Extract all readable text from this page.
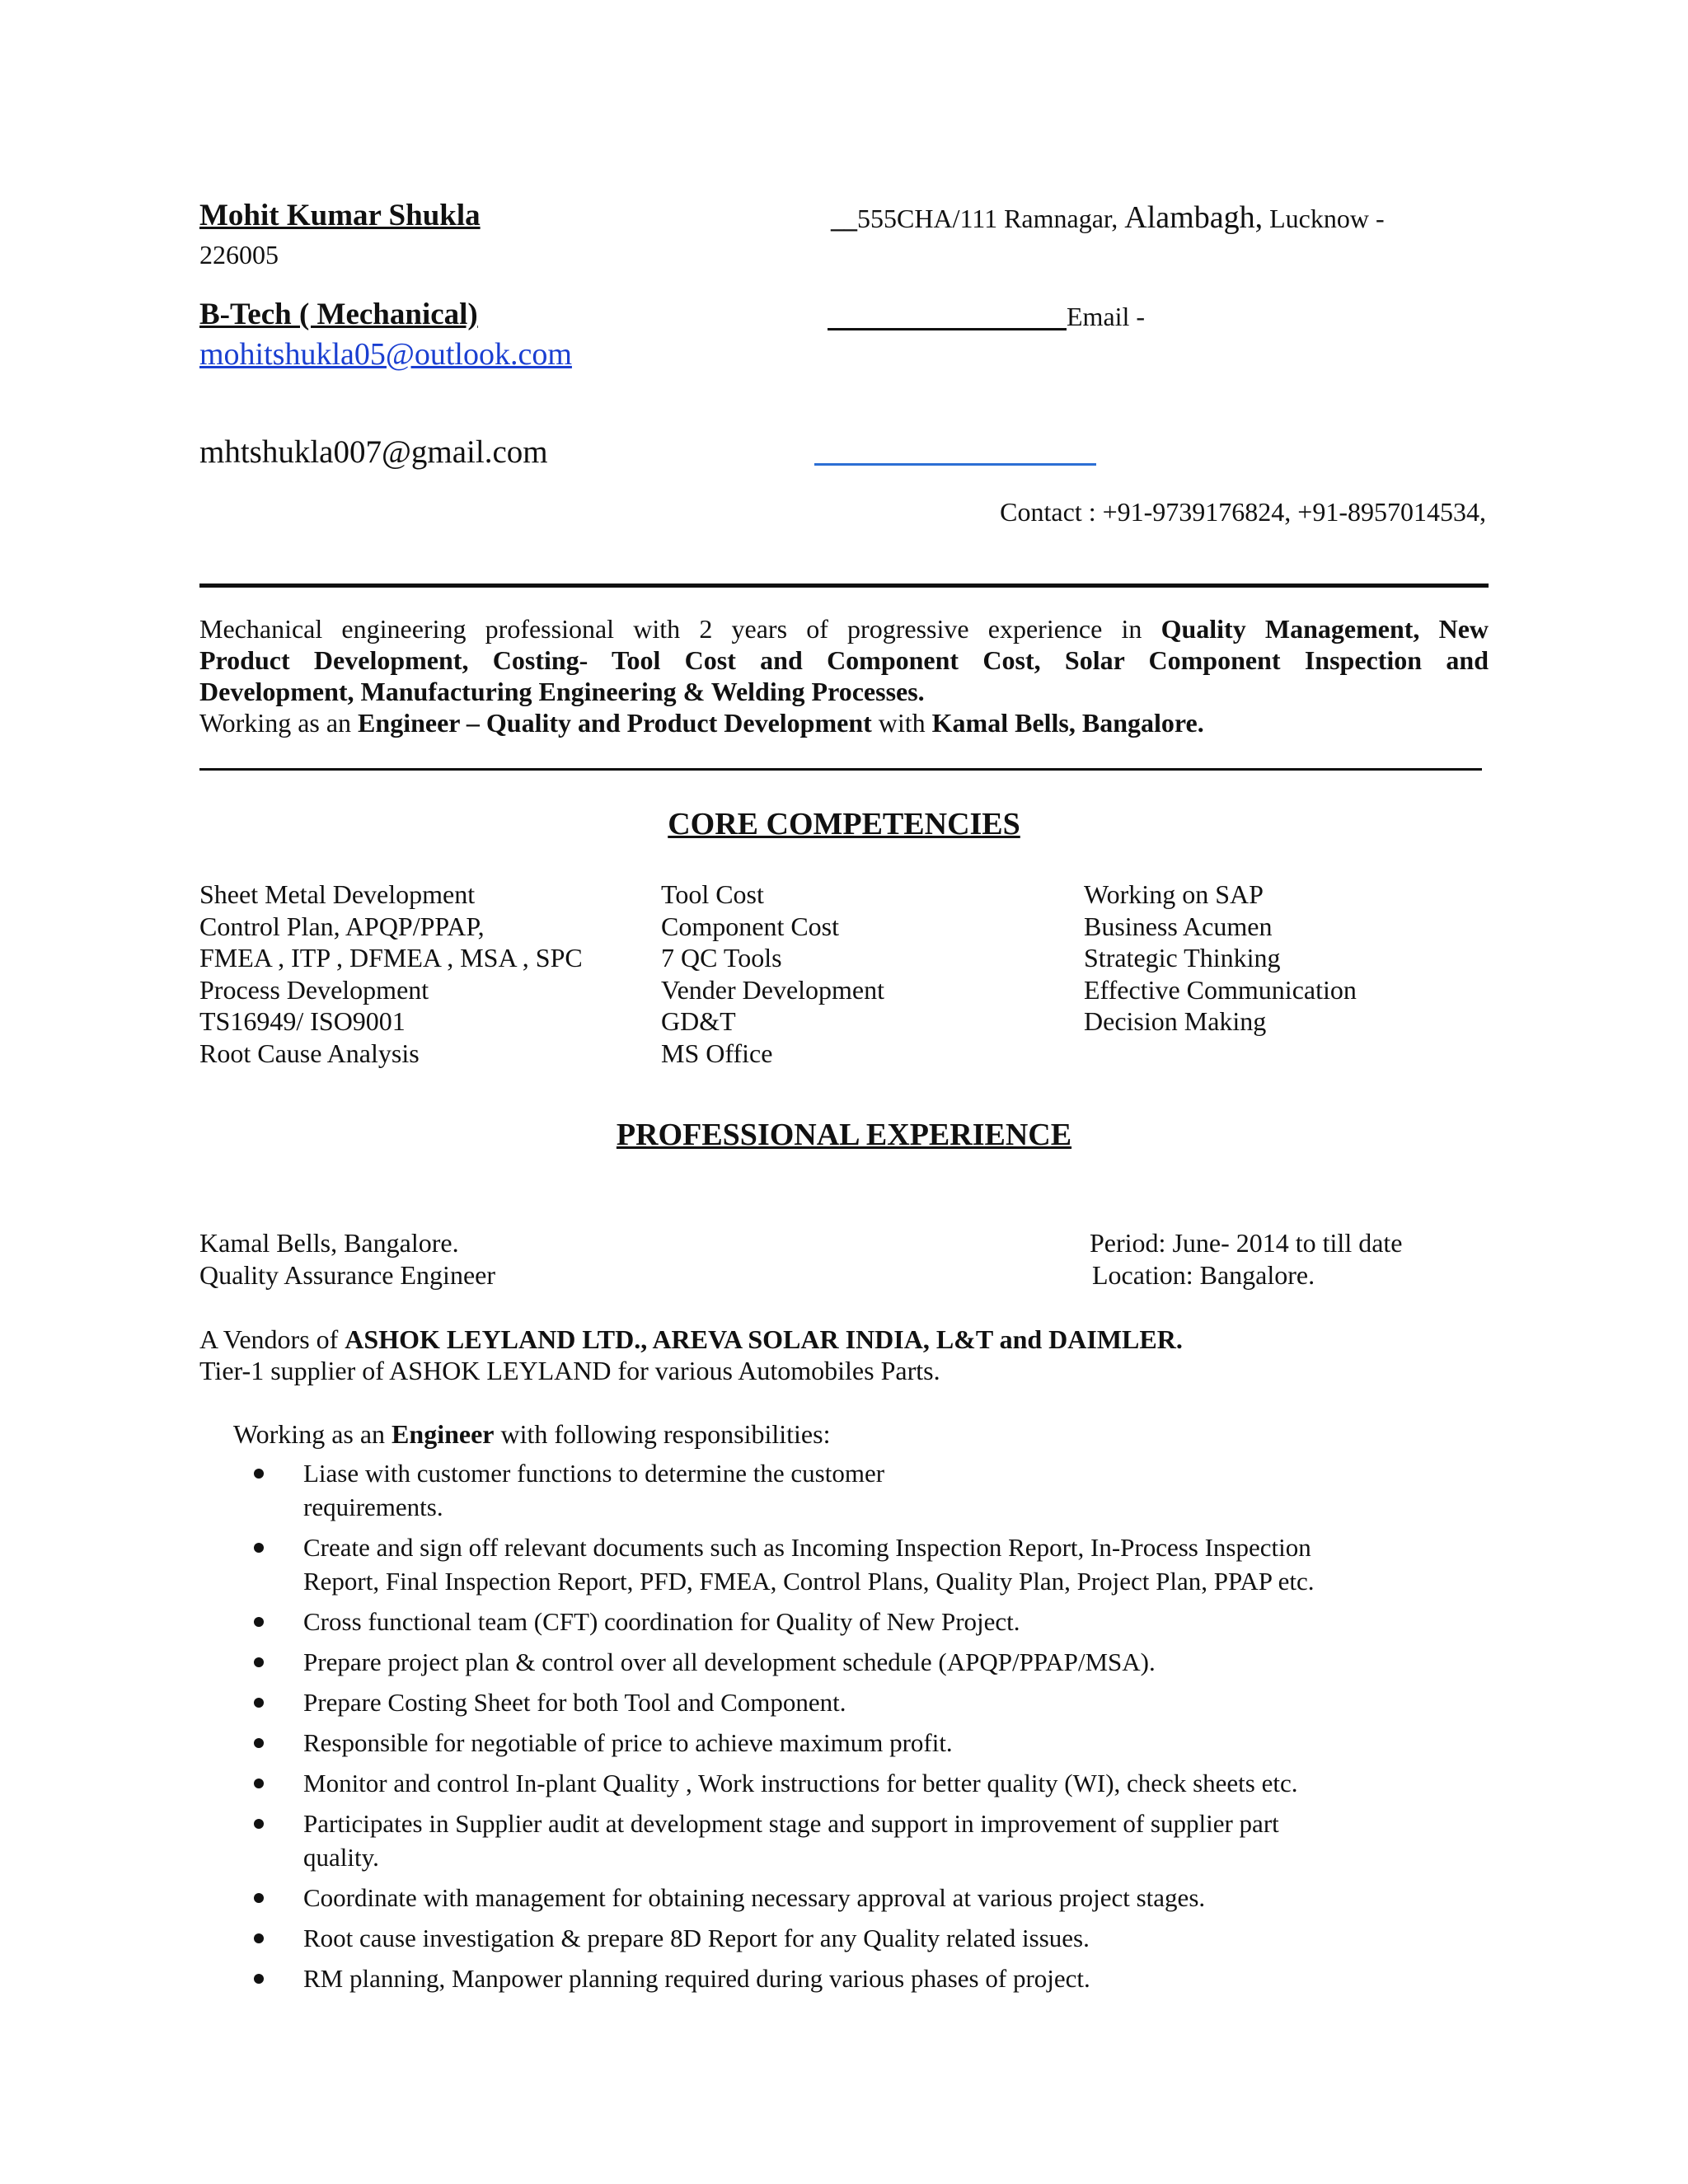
Mohit Kumar Shukla	__555CHA/111 Ramnagar, Alambagh, Lucknow -
226005
B-Tech ( Mechanical)	Email -
mohitshukla05@outlook.com
mhtshukla007@gmail.com
Contact : +91-9739176824, +91-8957014534,

Mechanical engineering professional with 2 years of progressive experience in Quality Management, New

Product Development, Costing- Tool Cost and Component Cost, Solar Component Inspection and

Development, Manufacturing Engineering & Welding Processes.

Working as an Engineer – Quality and Product Development with Kamal Bells, Bangalore.

CORE COMPETENCIES
Sheet Metal Development
Control Plan, APQP/PPAP,
FMEA , ITP , DFMEA , MSA , SPC
Process Development
TS16949/ ISO9001
Root Cause Analysis
Tool Cost
Component Cost
7 QC Tools
Vender Development
GD&T
MS Office
Working on SAP
Business Acumen
Strategic Thinking
Effective Communication
Decision Making
PROFESSIONAL EXPERIENCE
Kamal Bells, Bangalore.
Quality Assurance Engineer
Period: June- 2014 to till date
Location: Bangalore.
A Vendors of ASHOK LEYLAND LTD., AREVA SOLAR INDIA, L&T and DAIMLER.
Tier-1 supplier of ASHOK LEYLAND for various Automobiles Parts.
Working as an Engineer with following responsibilities:
Liase with customer functions to determine the customer
requirements.
Create and sign off relevant documents such as Incoming Inspection Report, In-Process Inspection
Report, Final Inspection Report, PFD, FMEA, Control Plans, Quality Plan, Project Plan, PPAP etc.
Cross functional team (CFT) coordination for Quality of New Project.
Prepare project plan & control over all development schedule (APQP/PPAP/MSA).
Prepare Costing Sheet for both Tool and Component.
Responsible for negotiable of price to achieve maximum profit.
Monitor and control In-plant Quality , Work instructions for better quality (WI), check sheets etc.
Participates in Supplier audit at development stage and support in improvement of supplier part
quality.
Coordinate with management for obtaining necessary approval at various project stages.
Root cause investigation & prepare 8D Report for any Quality related issues.
RM planning, Manpower planning required during various phases of project.
